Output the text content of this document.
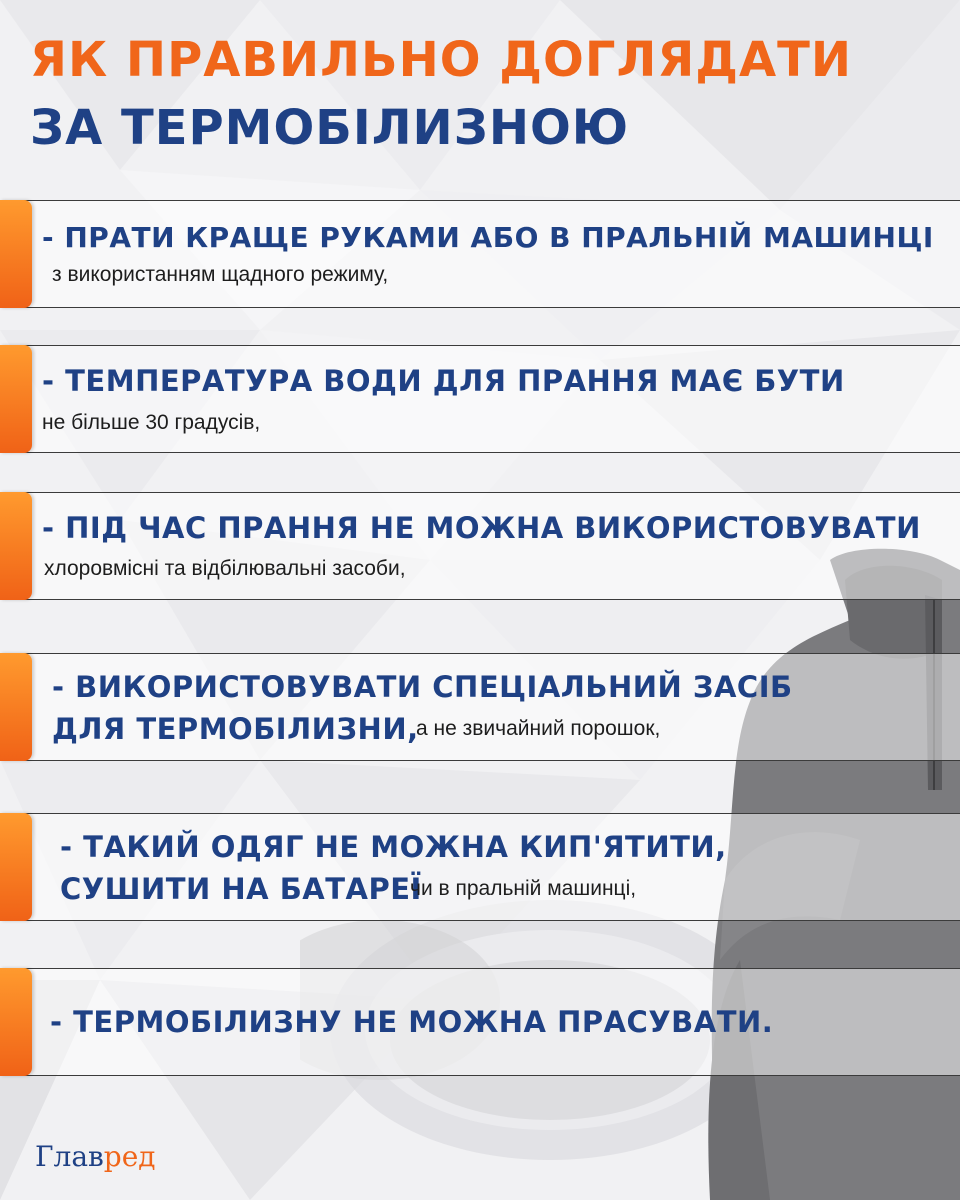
ЯК ПРАВИЛЬНО ДОГЛЯДАТИ
ЗА ТЕРМОБІЛИЗНОЮ
- ПРАТИ КРАЩЕ РУКАМИ АБО В ПРАЛЬНІЙ МАШИНЦІ
з використанням щадного режиму,
- ТЕМПЕРАТУРА ВОДИ ДЛЯ ПРАННЯ МАЄ БУТИ
не більше 30 градусів,
- ПІД ЧАС ПРАННЯ НЕ МОЖНА ВИКОРИСТОВУВАТИ
хлоровмісні та відбілювальні засоби,
- ВИКОРИСТОВУВАТИ СПЕЦІАЛЬНИЙ ЗАСІБ
ДЛЯ ТЕРМОБІЛИЗНИ,
а не звичайний порошок,
- ТАКИЙ ОДЯГ НЕ МОЖНА КИП'ЯТИТИ,
СУШИТИ НА БАТАРЕЇ
чи в пральній машинці,
- ТЕРМОБІЛИЗНУ НЕ МОЖНА ПРАСУВАТИ.
Главред
